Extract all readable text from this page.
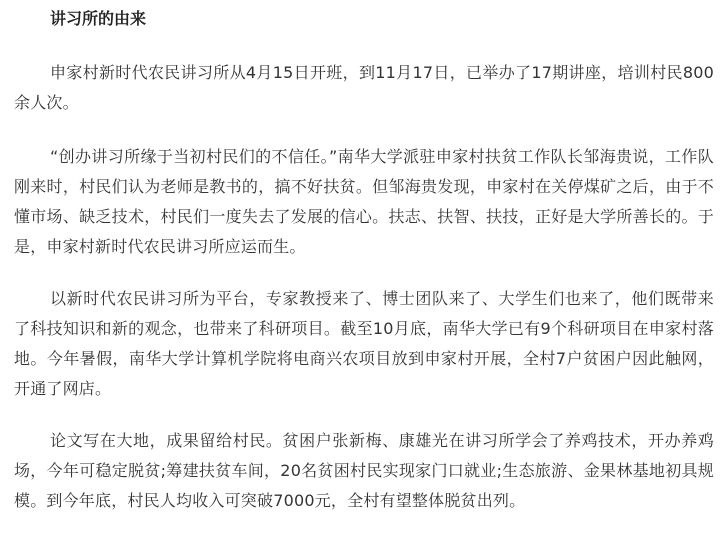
讲习所的由来

申家村新时代农民讲习所从4月15日开班，到11月17日，已举办了17期讲座，培训村民800余人次。

“创办讲习所缘于当初村民们的不信任。”南华大学派驻申家村扶贫工作队长邹海贵说，工作队刚来时，村民们认为老师是教书的，搞不好扶贫。但邹海贵发现，申家村在关停煤矿之后，由于不懂市场、缺乏技术，村民们一度失去了发展的信心。扶志、扶智、扶技，正好是大学所善长的。于是，申家村新时代农民讲习所应运而生。

以新时代农民讲习所为平台，专家教授来了、博士团队来了、大学生们也来了，他们既带来了科技知识和新的观念，也带来了科研项目。截至10月底，南华大学已有9个科研项目在申家村落地。今年暑假，南华大学计算机学院将电商兴农项目放到申家村开展，全村7户贫困户因此触网，开通了网店。

论文写在大地，成果留给村民。贫困户张新梅、康雄光在讲习所学会了养鸡技术，开办养鸡场，今年可稳定脱贫;筹建扶贫车间，20名贫困村民实现家门口就业;生态旅游、金果林基地初具规模。到今年底，村民人均收入可突破7000元，全村有望整体脱贫出列。
